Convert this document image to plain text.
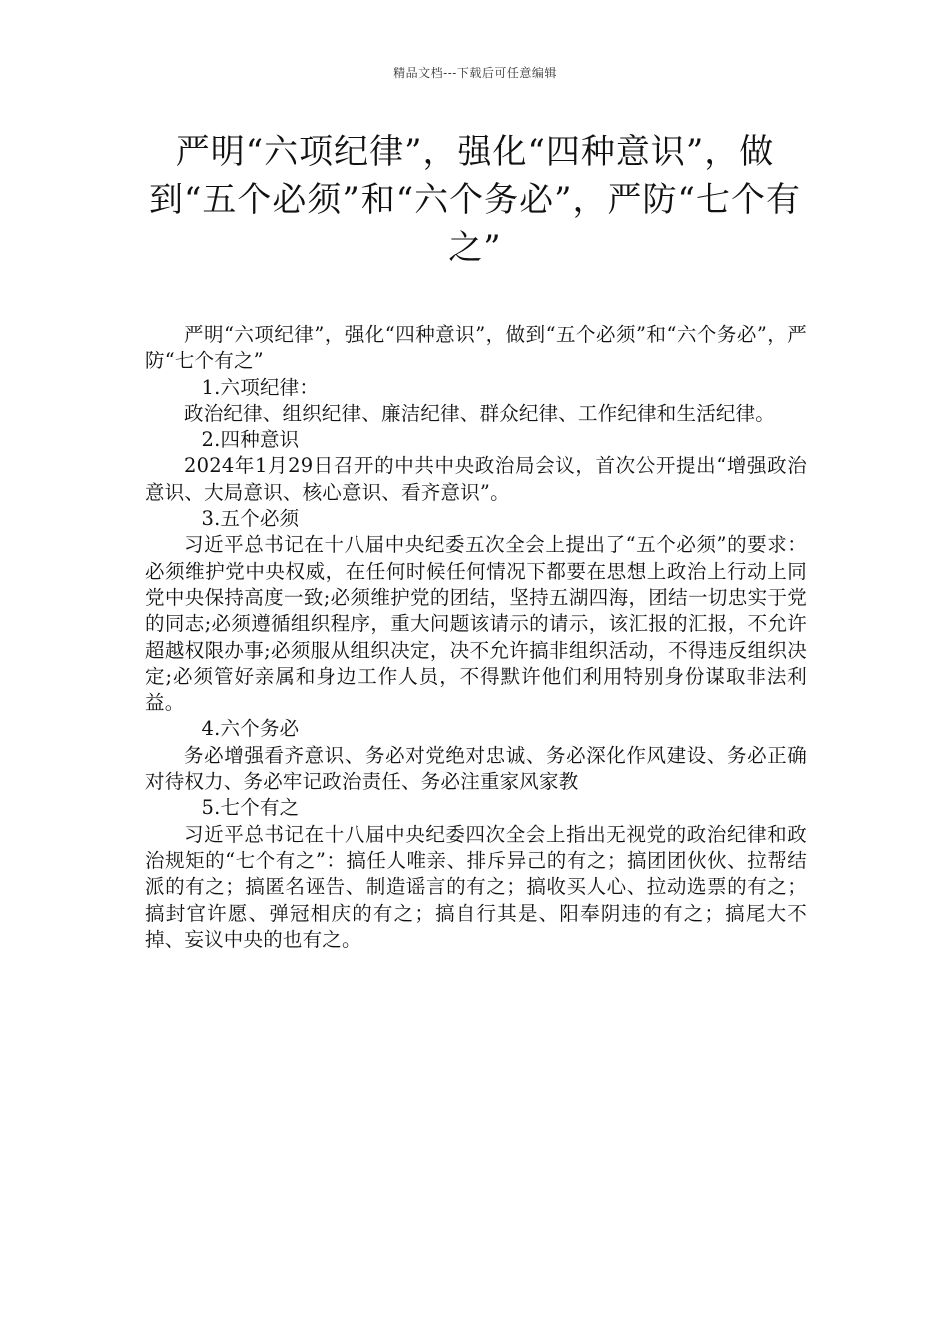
精品文档---下载后可任意编辑
严明“六项纪律”，强化“四种意识”，做到“五个必须”和“六个务必”，严防“七个有之”

严明“六项纪律”，强化“四种意识”，做到“五个必须”和“六个务必”，严防“七个有之”

1.六项纪律：

政治纪律、组织纪律、廉洁纪律、群众纪律、工作纪律和生活纪律。

2.四种意识

2024年1月29日召开的中共中央政治局会议，首次公开提出“增强政治意识、大局意识、核心意识、看齐意识”。

3.五个必须

习近平总书记在十八届中央纪委五次全会上提出了“五个必须”的要求：必须维护党中央权威，在任何时候任何情况下都要在思想上政治上行动上同党中央保持高度一致;必须维护党的团结，坚持五湖四海，团结一切忠实于党的同志;必须遵循组织程序，重大问题该请示的请示，该汇报的汇报，不允许超越权限办事;必须服从组织决定，决不允许搞非组织活动，不得违反组织决定;必须管好亲属和身边工作人员，不得默许他们利用特别身份谋取非法利益。

4.六个务必

务必增强看齐意识、务必对党绝对忠诚、务必深化作风建设、务必正确对待权力、务必牢记政治责任、务必注重家风家教

5.七个有之

习近平总书记在十八届中央纪委四次全会上指出无视党的政治纪律和政治规矩的“七个有之”：搞任人唯亲、排斥异己的有之；搞团团伙伙、拉帮结派的有之；搞匿名诬告、制造谣言的有之；搞收买人心、拉动选票的有之；搞封官许愿、弹冠相庆的有之；搞自行其是、阳奉阴违的有之；搞尾大不掉、妄议中央的也有之。
